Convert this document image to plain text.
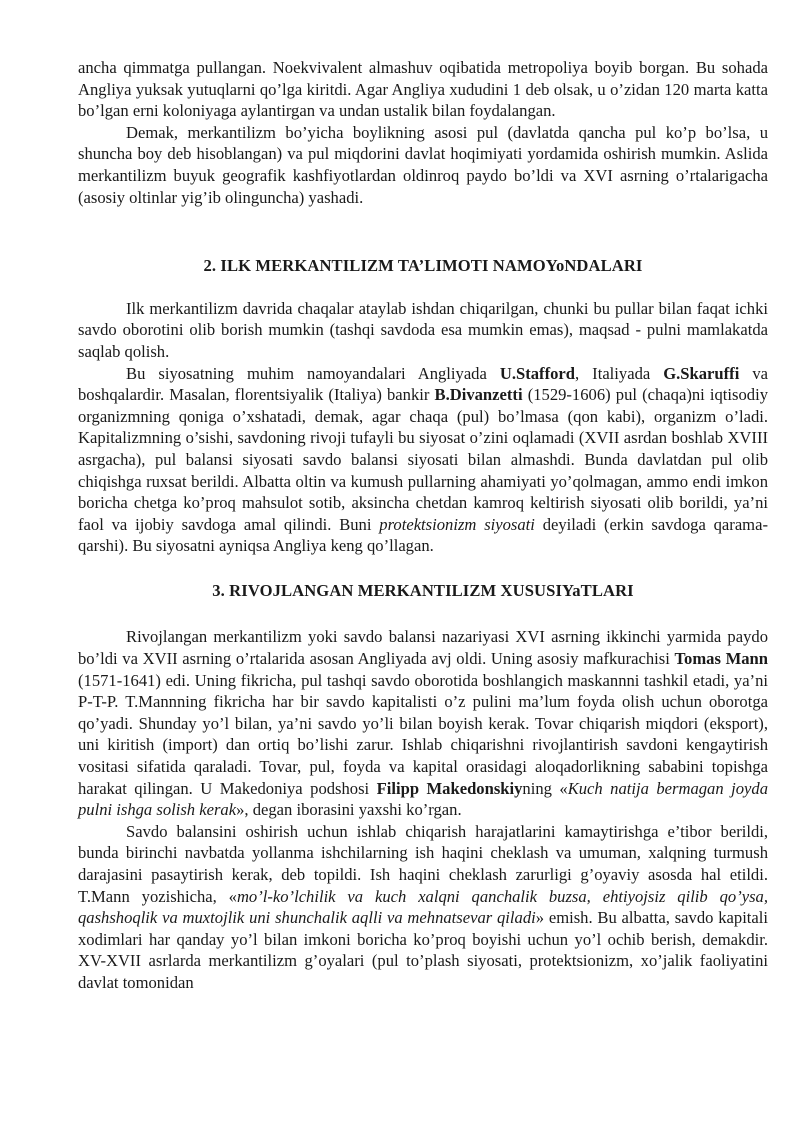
ancha qimmatga pullangan. Noekvivalent almashuv oqibatida metropoliya boyib borgan. Bu sohada Angliya yuksak yutuqlarni qo’lga kiritdi. Agar Angliya xududini 1 deb olsak, u o’zidan 120 marta katta bo’lgan erni koloniyaga aylantirgan va undan ustalik bilan foydalangan.

Demak, merkantilizm bo’yicha boylikning asosi pul (davlatda qancha pul ko’p bo’lsa, u shuncha boy deb hisoblangan) va pul miqdorini davlat hoqimiyati yordamida oshirish mumkin. Aslida merkantilizm buyuk geografik kashfiyotlardan oldinroq paydo bo’ldi va XVI asrning o’rtalarigacha (asosiy oltinlar yig’ib olinguncha) yashadi.

2. ILK MERKANTILIZM TA’LIMOTI NAMOYoNDALARI

Ilk merkantilizm davrida chaqalar ataylab ishdan chiqarilgan, chunki bu pullar bilan faqat ichki savdo oborotini olib borish mumkin (tashqi savdoda esa mumkin emas), maqsad - pulni mamlakatda saqlab qolish.

Bu siyosatning muhim namoyandalari Angliyada U.Stafford, Italiyada G.Skaruffi va boshqalardir. Masalan, florentsiyalik (Italiya) bankir B.Divanzetti (1529-1606) pul (chaqa)ni iqtisodiy organizmning qoniga o’xshatadi, demak, agar chaqa (pul) bo’lmasa (qon kabi), organizm o’ladi. Kapitalizmning o’sishi, savdoning rivoji tufayli bu siyosat o’zini oqlamadi (XVII asrdan boshlab XVIII asrgacha), pul balansi siyosati savdo balansi siyosati bilan almashdi. Bunda davlatdan pul olib chiqishga ruxsat berildi. Albatta oltin va kumush pullarning ahamiyati yo’qolmagan, ammo endi imkon boricha chetga ko’proq mahsulot sotib, aksincha chetdan kamroq keltirish siyosati olib borildi, ya’ni faol va ijobiy savdoga amal qilindi. Buni protektsionizm siyosati deyiladi (erkin savdoga qarama-qarshi). Bu siyosatni ayniqsa Angliya keng qo’llagan.

3. RIVOJLANGAN MERKANTILIZM XUSUSIYaTLARI

Rivojlangan merkantilizm yoki savdo balansi nazariyasi XVI asrning ikkinchi yarmida paydo bo’ldi va XVII asrning o’rtalarida asosan Angliyada avj oldi. Uning asosiy mafkurachisi Tomas Mann (1571-1641) edi. Uning fikricha, pul tashqi savdo oborotida boshlangich maskannni tashkil etadi, ya’ni P-T-P. T.Mannning fikricha har bir savdo kapitalisti o’z pulini ma’lum foyda olish uchun oborotga qo’yadi. Shunday yo’l bilan, ya’ni savdo yo’li bilan boyish kerak. Tovar chiqarish miqdori (eksport), uni kiritish (import) dan ortiq bo’lishi zarur. Ishlab chiqarishni rivojlantirish savdoni kengaytirish vositasi sifatida qaraladi. Tovar, pul, foyda va kapital orasidagi aloqadorlikning sababini topishga harakat qilingan. U Makedoniya podshosi Filipp Makedonskiyning «Kuch natija bermagan joyda pulni ishga solish kerak», degan iborasini yaxshi ko’rgan.

Savdo balansini oshirish uchun ishlab chiqarish harajatlarini kamaytirishga e’tibor berildi, bunda birinchi navbatda yollanma ishchilarning ish haqini cheklash va umuman, xalqning turmush darajasini pasaytirish kerak, deb topildi. Ish haqini cheklash zarurligi g’oyaviy asosda hal etildi. T.Mann yozishicha, «mo’l-ko’lchilik va kuch xalqni qanchalik buzsa, ehtiyojsiz qilib qo’ysa, qashshoqlik va muxtojlik uni shunchalik aqlli va mehnatsevar qiladi» emish. Bu albatta, savdo kapitali xodimlari har qanday yo’l bilan imkoni boricha ko’proq boyishi uchun yo’l ochib berish, demakdir. XV-XVII asrlarda merkantilizm g’oyalari (pul to’plash siyosati, protektsionizm, xo’jalik faoliyatini davlat tomonidan
